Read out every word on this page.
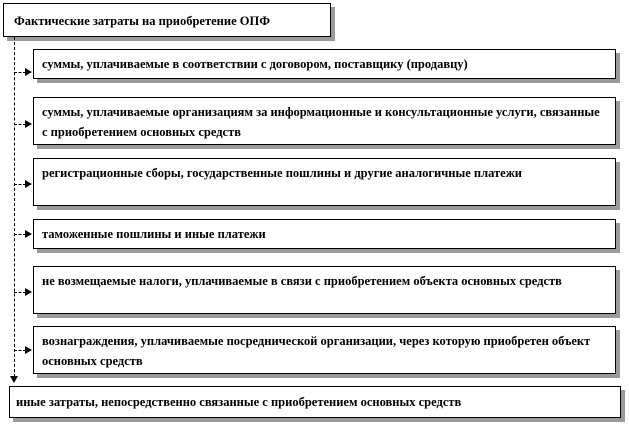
Фактические затраты на приобретение ОПФ
суммы, уплачиваемые в соответствии с договором, поставщику (продавцу)
суммы, уплачиваемые организациям за информационные и консультационные услуги, связанные с приобретением основных средств
регистрационные сборы, государственные пошлины и другие аналогичные платежи
таможенные пошлины и иные платежи
не возмещаемые налоги, уплачиваемые в связи с приобретением объекта основных средств
вознаграждения, уплачиваемые посреднической организации, через которую приобретен объект основных средств
иные затраты, непосредственно связанные с приобретением основных средств
